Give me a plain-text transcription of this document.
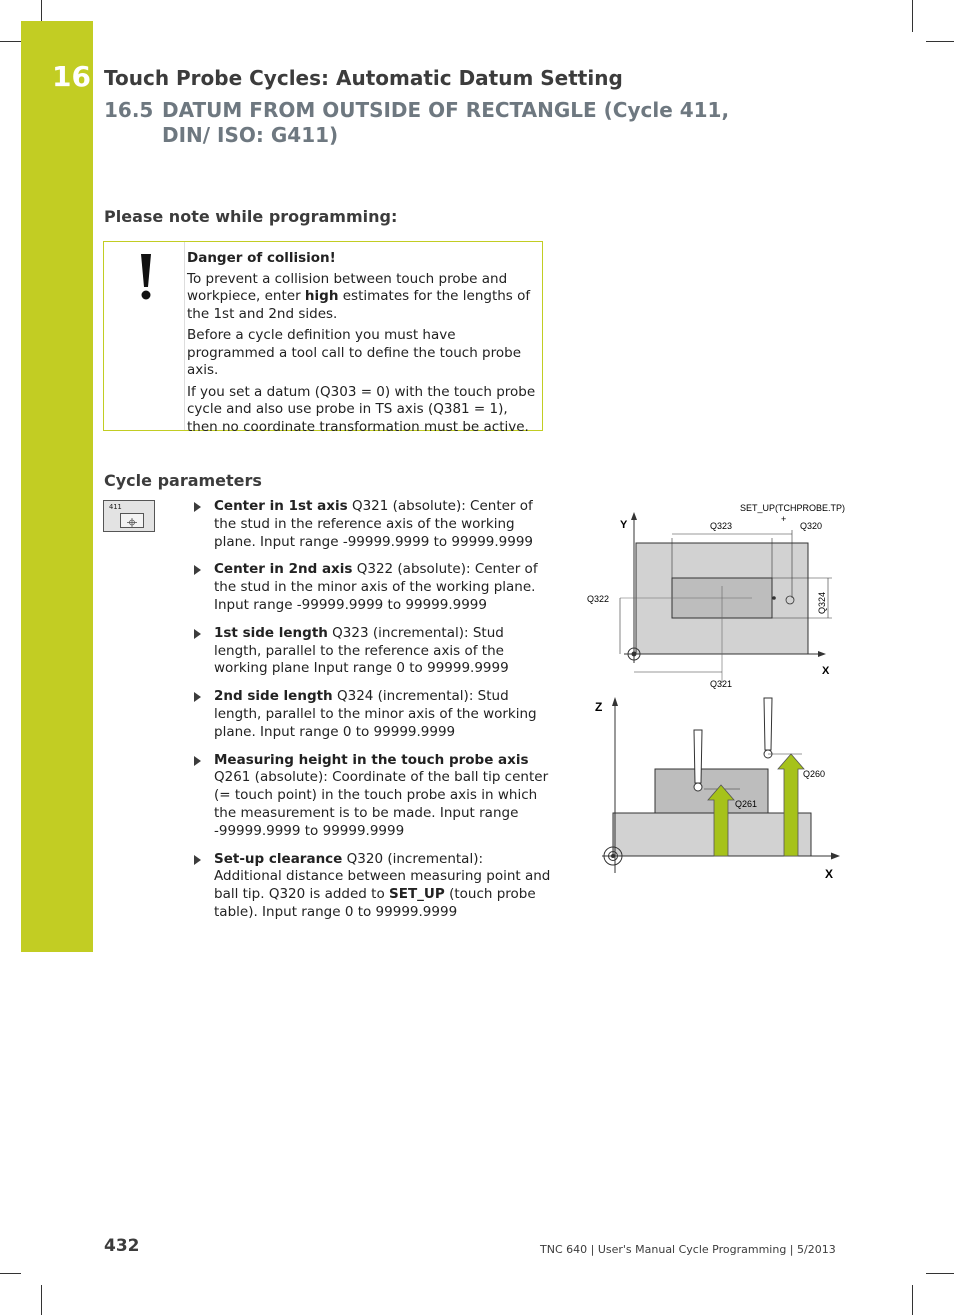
16 Touch Probe Cycles: Automatic Datum Setting
16.5 DATUM FROM OUTSIDE OF RECTANGLE (Cycle 411, DIN/ ISO: G411)
Please note while programming:

Danger of collision!

To prevent a collision between touch probe and workpiece, enter high estimates for the lengths of the 1st and 2nd sides.

Before a cycle definition you must have programmed a tool call to define the touch probe axis.

If you set a datum (Q303 = 0) with the touch probe cycle and also use probe in TS axis (Q381 = 1), then no coordinate transformation must be active.

Cycle parameters
411	Center in 1st axis Q321 (absolute): Center of the stud in the reference axis of the working plane. Input range -99999.9999 to 99999.9999
Center in 2nd axis Q322 (absolute): Center of the stud in the minor axis of the working plane. Input range -99999.9999 to 99999.9999
1st side length Q323 (incremental): Stud length, parallel to the reference axis of the working plane Input range 0 to 99999.9999
2nd side length Q324 (incremental): Stud length, parallel to the minor axis of the working plane. Input range 0 to 99999.9999
Measuring height in the touch probe axis Q261 (absolute): Coordinate of the ball tip center (= touch point) in the touch probe axis in which the measurement is to be made. Input range -99999.9999 to 99999.9999
Set-up clearance Q320 (incremental): Additional distance between measuring point and ball tip. Q320 is added to SET_UP (touch probe table). Input range 0 to 99999.9999
Y
X
SET_UP(TCHPROBE.TP)
+
Q323	Q320
Q322
Q321
Q324
Z
X
Q260
Q261
432	TNC 640 | User's Manual Cycle Programming | 5/2013
